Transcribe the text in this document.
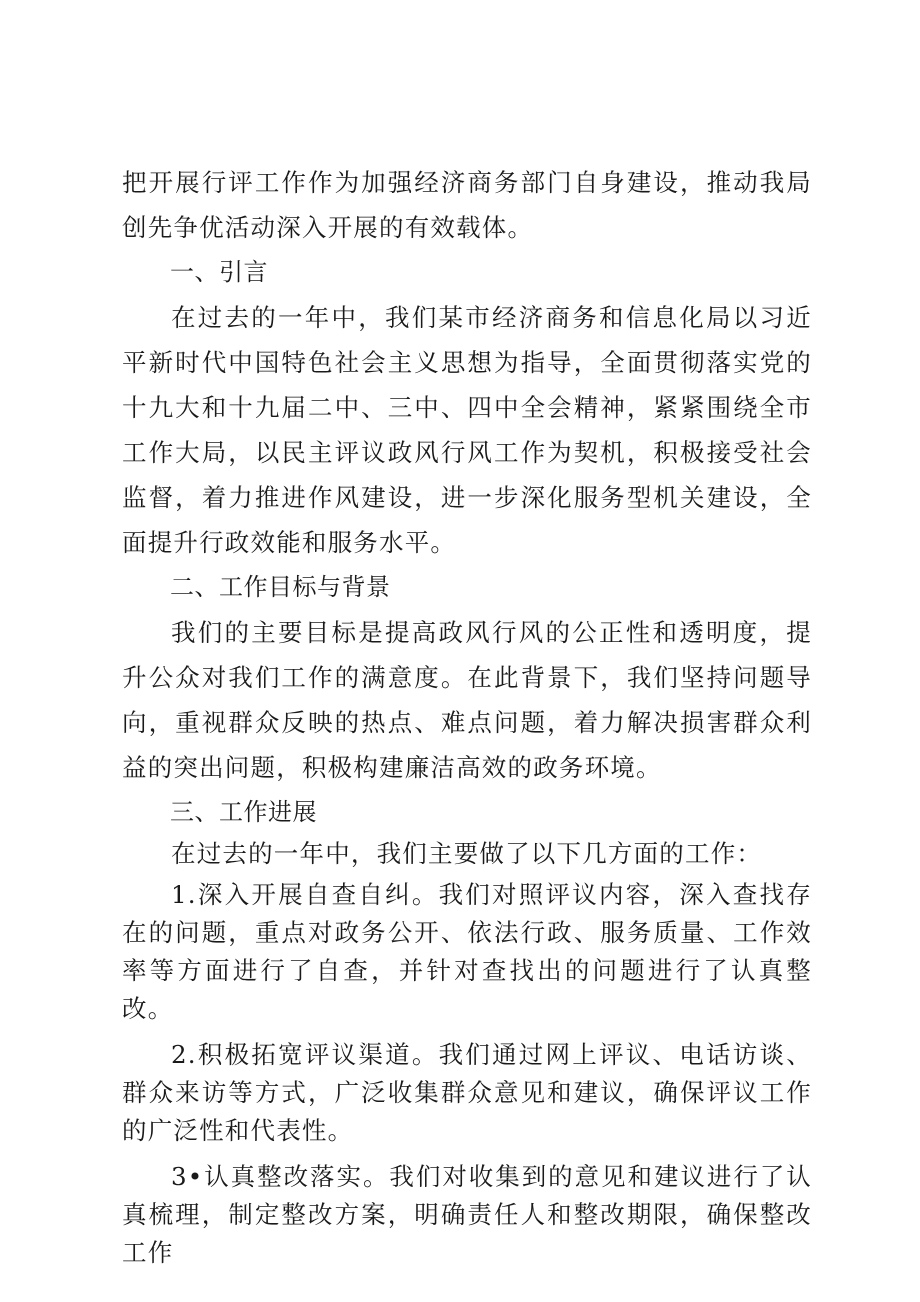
把开展行评工作作为加强经济商务部门自身建设，推动我局创先争优活动深入开展的有效载体。

一、引言

在过去的一年中，我们某市经济商务和信息化局以习近平新时代中国特色社会主义思想为指导，全面贯彻落实党的十九大和十九届二中、三中、四中全会精神，紧紧围绕全市工作大局，以民主评议政风行风工作为契机，积极接受社会监督，着力推进作风建设，进一步深化服务型机关建设，全面提升行政效能和服务水平。

二、工作目标与背景

我们的主要目标是提高政风行风的公正性和透明度，提升公众对我们工作的满意度。在此背景下，我们坚持问题导向，重视群众反映的热点、难点问题，着力解决损害群众利益的突出问题，积极构建廉洁高效的政务环境。

三、工作进展

在过去的一年中，我们主要做了以下几方面的工作：

1.深入开展自查自纠。我们对照评议内容，深入查找存在的问题，重点对政务公开、依法行政、服务质量、工作效率等方面进行了自查，并针对查找出的问题进行了认真整改。

2.积极拓宽评议渠道。我们通过网上评议、电话访谈、群众来访等方式，广泛收集群众意见和建议，确保评议工作的广泛性和代表性。

3•认真整改落实。我们对收集到的意见和建议进行了认真梳理，制定整改方案，明确责任人和整改期限，确保整改工作
